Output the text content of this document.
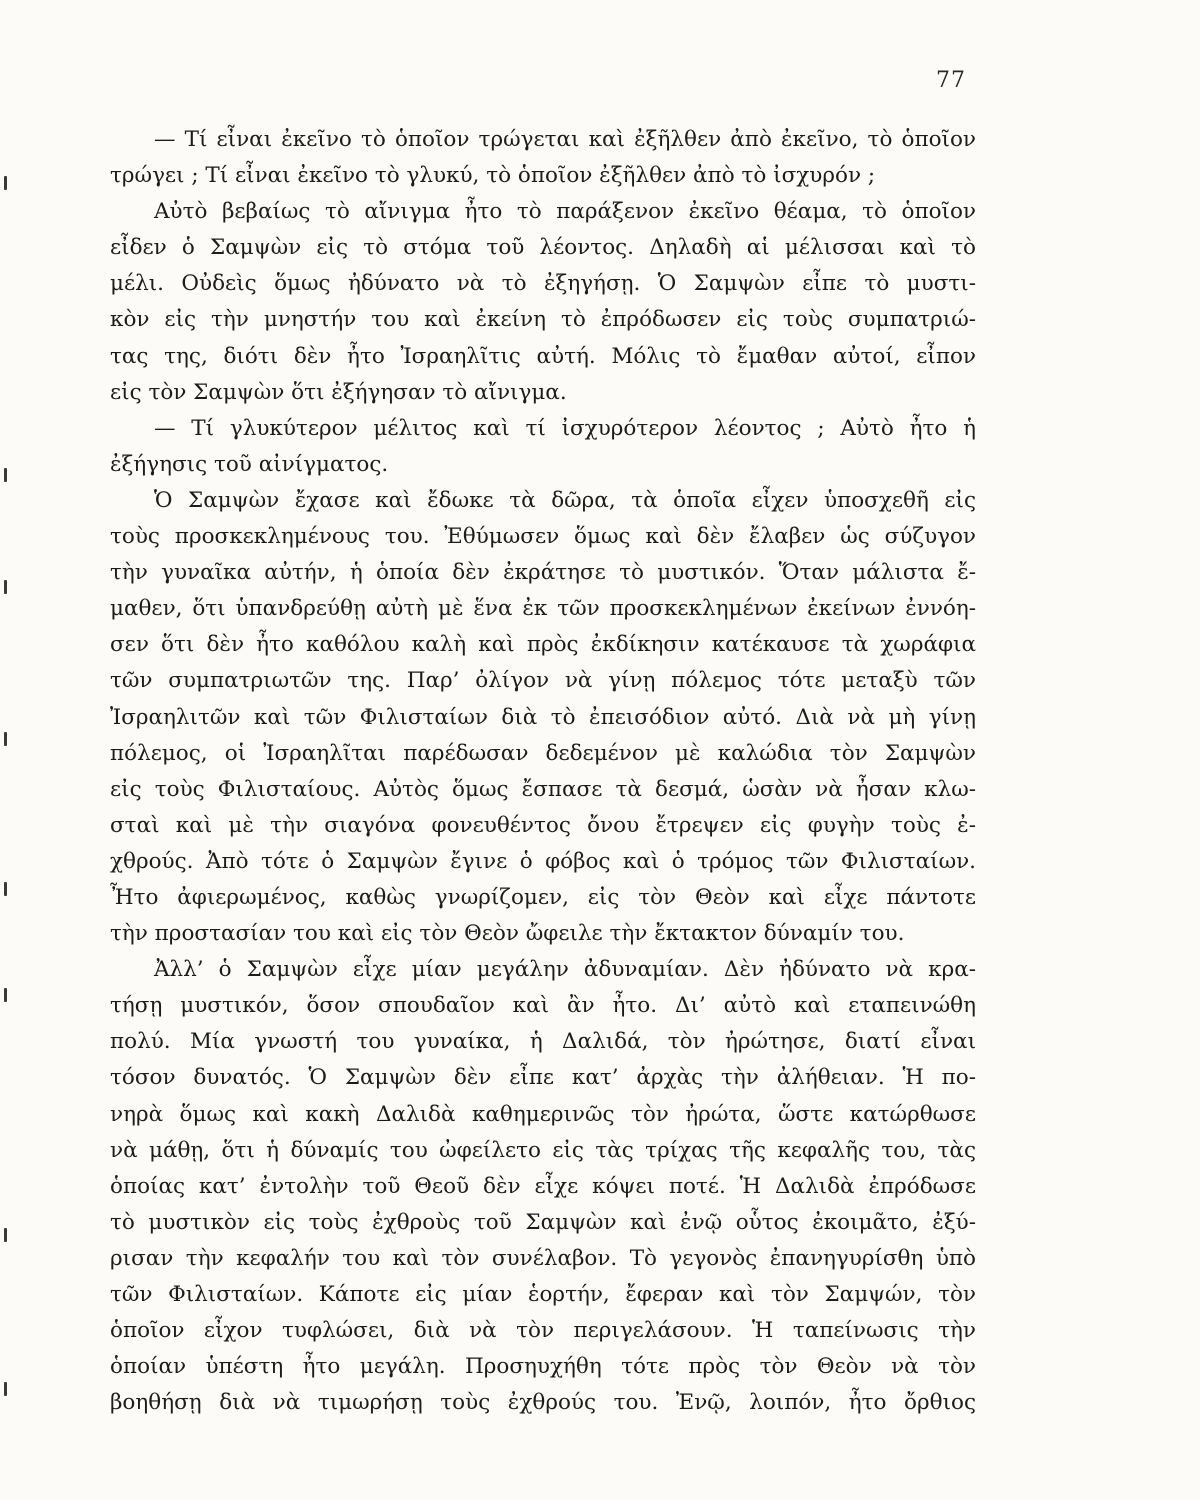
77
— Τί εἶναι ἐκεῖνο τὸ ὁποῖον τρώγεται καὶ ἐξῆλθεν ἀπὸ ἐκεῖνο, τὸ ὁποῖον
τρώγει ; Τί εἶναι ἐκεῖνο τὸ γλυκύ, τὸ ὁποῖον ἐξῆλθεν ἀπὸ τὸ ἰσχυρόν ;
Αὐτὸ βεβαίως τὸ αἴνιγμα ἦτο τὸ παράξενον ἐκεῖνο θέαμα, τὸ ὁποῖον
εἶδεν ὁ Σαμψὼν εἰς τὸ στόμα τοῦ λέοντος. Δηλαδὴ αἱ μέλισσαι καὶ τὸ
μέλι. Οὐδεὶς ὅμως ἠδύνατο νὰ τὸ ἐξηγήσῃ. Ὁ Σαμψὼν εἶπε τὸ μυστι-
κὸν εἰς τὴν μνηστήν του καὶ ἐκείνη τὸ ἐπρόδωσεν εἰς τοὺς συμπατριώ-
τας της, διότι δὲν ἦτο Ἰσραηλῖτις αὐτή. Μόλις τὸ ἔμαθαν αὐτοί, εἶπον
εἰς τὸν Σαμψὼν ὅτι ἐξήγησαν τὸ αἴνιγμα.
— Τί γλυκύτερον μέλιτος καὶ τί ἰσχυρότερον λέοντος ; Αὐτὸ ἦτο ἡ
ἐξήγησις τοῦ αἰνίγματος.
Ὁ Σαμψὼν ἔχασε καὶ ἔδωκε τὰ δῶρα, τὰ ὁποῖα εἶχεν ὑποσχεθῆ εἰς
τοὺς προσκεκλημένους του. Ἐθύμωσεν ὅμως καὶ δὲν ἔλαβεν ὡς σύζυγον
τὴν γυναῖκα αὐτήν, ἡ ὁποία δὲν ἐκράτησε τὸ μυστικόν. Ὅταν μάλιστα ἔ-
μαθεν, ὅτι ὑπανδρεύθῃ αὐτὴ μὲ ἕνα ἐκ τῶν προσκεκλημένων ἐκείνων ἐννόη-
σεν ὅτι δὲν ἦτο καθόλου καλὴ καὶ πρὸς ἐκδίκησιν κατέκαυσε τὰ χωράφια
τῶν συμπατριωτῶν της. Παρ’ ὀλίγον νὰ γίνῃ πόλεμος τότε μεταξὺ τῶν
Ἰσραηλιτῶν καὶ τῶν Φιλισταίων διὰ τὸ ἐπεισόδιον αὐτό. Διὰ νὰ μὴ γίνῃ
πόλεμος, οἱ Ἰσραηλῖται παρέδωσαν δεδεμένον μὲ καλώδια τὸν Σαμψὼν
εἰς τοὺς Φιλισταίους. Αὐτὸς ὅμως ἔσπασε τὰ δεσμά, ὡσὰν νὰ ἦσαν κλω-
σταὶ καὶ μὲ τὴν σιαγόνα φονευθέντος ὄνου ἔτρεψεν εἰς φυγὴν τοὺς ἐ-
χθρούς. Ἀπὸ τότε ὁ Σαμψὼν ἔγινε ὁ φόβος καὶ ὁ τρόμος τῶν Φιλισταίων.
Ἦτο ἀφιερωμένος, καθὼς γνωρίζομεν, εἰς τὸν Θεὸν καὶ εἶχε πάντοτε
τὴν προστασίαν του καὶ εἰς τὸν Θεὸν ὤφειλε τὴν ἔκτακτον δύναμίν του.
Ἀλλ’ ὁ Σαμψὼν εἶχε μίαν μεγάλην ἀδυναμίαν. Δὲν ἠδύνατο νὰ κρα-
τήσῃ μυστικόν, ὅσον σπουδαῖον καὶ ἂν ἦτο. Δι’ αὐτὸ καὶ εταπεινώθη
πολύ. Μία γνωστή του γυναίκα, ἡ Δαλιδά, τὸν ἠρώτησε, διατί εἶναι
τόσον δυνατός. Ὁ Σαμψὼν δὲν εἶπε κατ’ ἀρχὰς τὴν ἀλήθειαν. Ἡ πο-
νηρὰ ὅμως καὶ κακὴ Δαλιδὰ καθημερινῶς τὸν ἠρώτα, ὥστε κατώρθωσε
νὰ μάθῃ, ὅτι ἡ δύναμίς του ὠφείλετο εἰς τὰς τρίχας τῆς κεφαλῆς του, τὰς
ὁποίας κατ’ ἐντολὴν τοῦ Θεοῦ δὲν εἶχε κόψει ποτέ. Ἡ Δαλιδὰ ἐπρόδωσε
τὸ μυστικὸν εἰς τοὺς ἐχθροὺς τοῦ Σαμψὼν καὶ ἐνῷ οὗτος ἐκοιμᾶτο, ἐξύ-
ρισαν τὴν κεφαλήν του καὶ τὸν συνέλαβον. Τὸ γεγονὸς ἐπανηγυρίσθη ὑπὸ
τῶν Φιλισταίων. Κάποτε εἰς μίαν ἑορτήν, ἔφεραν καὶ τὸν Σαμψών, τὸν
ὁποῖον εἶχον τυφλώσει, διὰ νὰ τὸν περιγελάσουν. Ἡ ταπείνωσις τὴν
ὁποίαν ὑπέστη ἦτο μεγάλη. Προσηυχήθη τότε πρὸς τὸν Θεὸν νὰ τὸν
βοηθήσῃ διὰ νὰ τιμωρήσῃ τοὺς ἐχθρούς του. Ἐνῷ, λοιπόν, ἦτο ὄρθιος
